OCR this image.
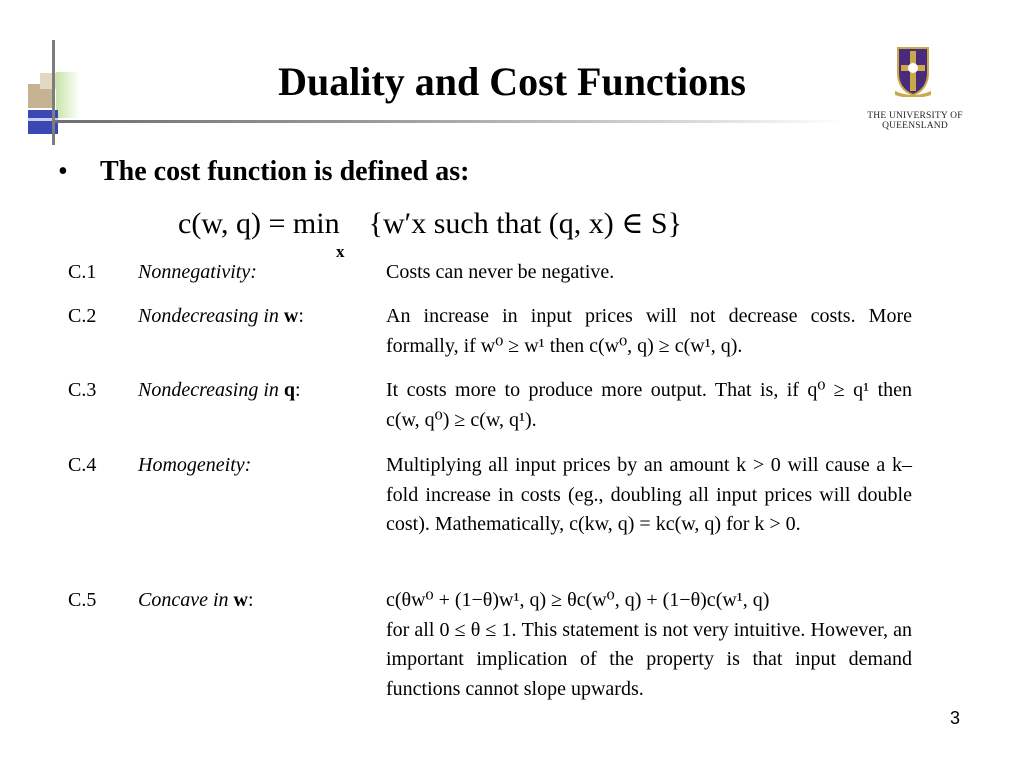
Duality and Cost Functions
THE UNIVERSITY OF QUEENSLAND
• The cost function is defined as:
c(w, q) = min
x
{w′x such that (q, x) ∈ S}
C.1	Nonnegativity:	Costs can never be negative.
C.2	Nondecreasing in w:	An increase in input prices will not decrease costs. More formally, if w⁰ ≥ w¹ then c(w⁰, q) ≥ c(w¹, q).
C.3	Nondecreasing in q:	It costs more to produce more output. That is, if q⁰ ≥ q¹ then c(w, q⁰) ≥ c(w, q¹).
C.4	Homogeneity:	Multiplying all input prices by an amount k > 0 will cause a k–fold increase in costs (eg., doubling all input prices will double cost). Mathematically, c(kw, q) = kc(w, q) for k > 0.
C.5	Concave in w:	c(θw⁰ + (1−θ)w¹, q) ≥ θc(w⁰, q) + (1−θ)c(w¹, q)
for all 0 ≤ θ ≤ 1. This statement is not very intuitive. However, an important implication of the property is that input demand functions cannot slope upwards.
3
